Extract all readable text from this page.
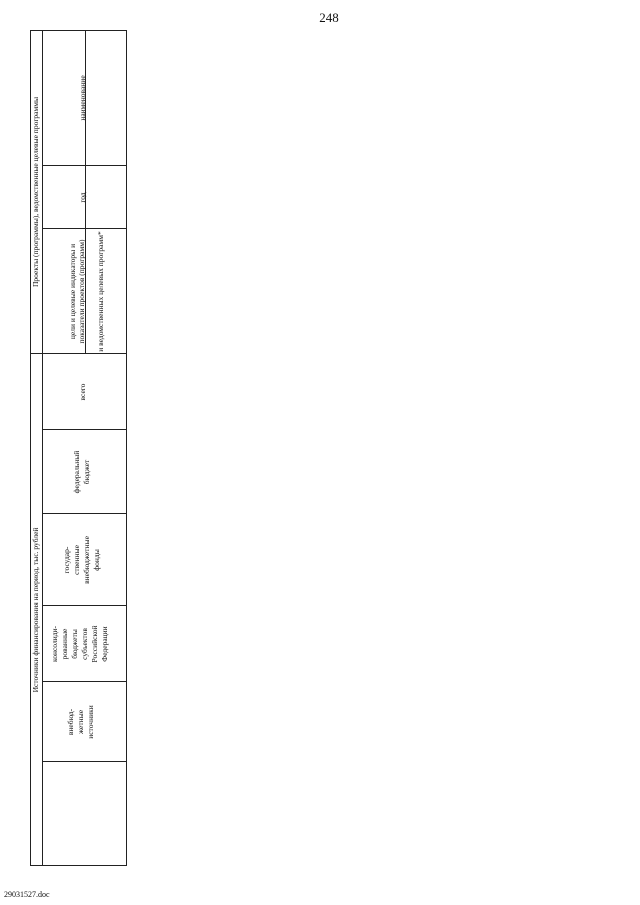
248
Проекты (программы), ведомственные целевые программы
Источники финансирования на период, тыс. рублей
наименование
год
цели и целевые индикаторы и показатели проектов (программ) и ведомственных целевых программ*
всего
федеральный бюджет
государ- ственные внебюджетные фонды
консолиди- рованные бюджеты субъектов Российской Федерации
внебюд- жетные источники
29031527.doc
